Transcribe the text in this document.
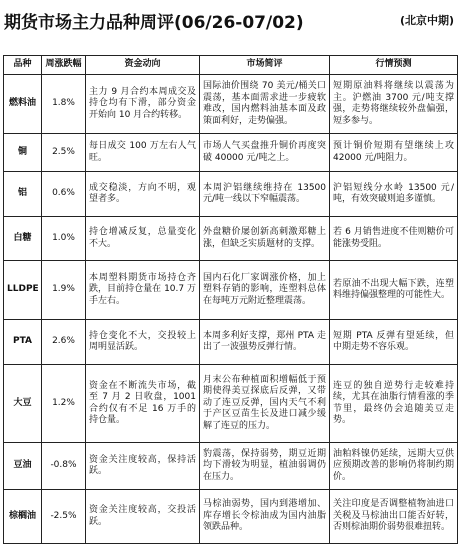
期货市场主力品种周评(06/26-07/02)	(北京中期)
品种	周涨跌幅	资金动向	市场简评	行情预测
燃料油	1.8%	主力 9 月合约本周成交及持仓均有下滑，部分资金开始向 10 月合约转移。	国际油价围绕 70 美元/桶关口震荡，基本面需求进一步疲软难改，国内燃料油基本面及政策面利好，走势偏强。	短期原油料将继续以震荡为主。沪燃油 3700 元/吨支撑强，走势将继续较外盘偏强，短多参与。
铜	2.5%	每日成交 100 万左右人气旺。	市场人气买盘推升铜价再度突破 40000 元/吨之上。	预计铜价短期有望继续上攻 42000 元/吨阻力。
铝	0.6%	成交稳淡，方向不明，观望者多。	本周沪铝继续维持在 13500 元/吨一线以下窄幅震荡。	沪铝短线分水岭 13500 元/吨，有效突破则追多谨慎。
白糖	1.0%	持仓增减反复，总量变化不大。	外盘糖价屡创新高刺激郑糖上涨，但缺乏实质题材的支撑。	若 6 月销售进度不佳则糖价可能涨势受阻。
LLDPE	1.9%	本周塑料期货市场持仓齐跌，目前持仓量在 10.7 万手左右。	国内石化厂家调涨价格，加上塑料存销的影响，连塑料总体在每吨万元附近整理震荡。	若原油不出现大幅下跌，连塑料维持偏强整理的可能性大。
PTA	2.6%	持仓变化不大，交投较上周明显活跃。	本周多利好支撑，郑州 PTA 走出了一波强势反弹行情。	短期 PTA 反弹有望延续，但中期走势不容乐观。
大豆	1.2%	资金在不断流失市场，截至 7 月 2 日收盘，1001 合约仅有不足 16 万手的持仓量。	月末公布种植面积增幅低于预期使得美豆探底后反弹，又带动了连豆反弹，国内天气不利于产区豆苗生长及进口减少缓解了连豆的压力。	连豆的独自逆势行走较难持续，尤其在油脂行情看涨的季节里，最终仍会追随美豆走势。
豆油	-0.8%	资金关注度较高，保持活跃。	豹震荡，保持弱势，期豆近期均下滑较为明显，植油弱调仍在压力。	油粕料镍仍延续，远期大豆供应预期改善的影响仍将制约期价。
棕榈油	-2.5%	资金关注度较高，交投活跃。	马棕油弱势，国内到港增加、库存增长令棕油成为国内油脂领跌品种。	关注印度是否调整植物油进口关税及马棕油出口能否好转，否则棕油期价弱势很难扭转。
